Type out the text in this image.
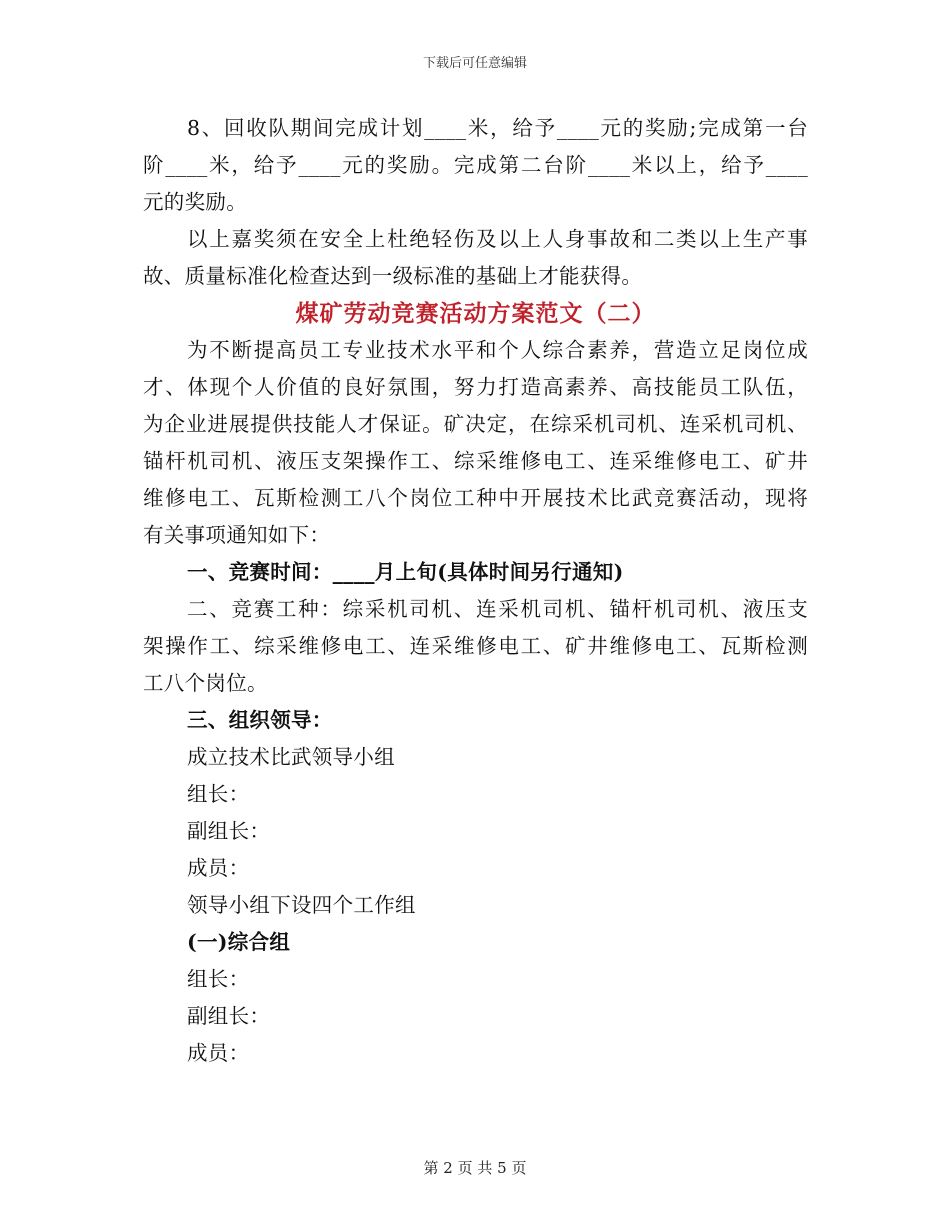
下载后可任意编辑
8、回收队期间完成计划____米，给予____元的奖励;完成第一台
阶____米，给予____元的奖励。完成第二台阶____米以上，给予____
元的奖励。
以上嘉奖须在安全上杜绝轻伤及以上人身事故和二类以上生产事
故、质量标准化检查达到一级标准的基础上才能获得。
煤矿劳动竞赛活动方案范文（二）
为不断提高员工专业技术水平和个人综合素养，营造立足岗位成
才、体现个人价值的良好氛围，努力打造高素养、高技能员工队伍，
为企业进展提供技能人才保证。矿决定，在综采机司机、连采机司机、
锚杆机司机、液压支架操作工、综采维修电工、连采维修电工、矿井
维修电工、瓦斯检测工八个岗位工种中开展技术比武竞赛活动，现将
有关事项通知如下：
一、竞赛时间：____月上旬(具体时间另行通知)
二、竞赛工种：综采机司机、连采机司机、锚杆机司机、液压支
架操作工、综采维修电工、连采维修电工、矿井维修电工、瓦斯检测
工八个岗位。
三、组织领导：
成立技术比武领导小组
组长：
副组长：
成员：
领导小组下设四个工作组
(一)综合组
组长：
副组长：
成员：
第 2 页 共 5 页
